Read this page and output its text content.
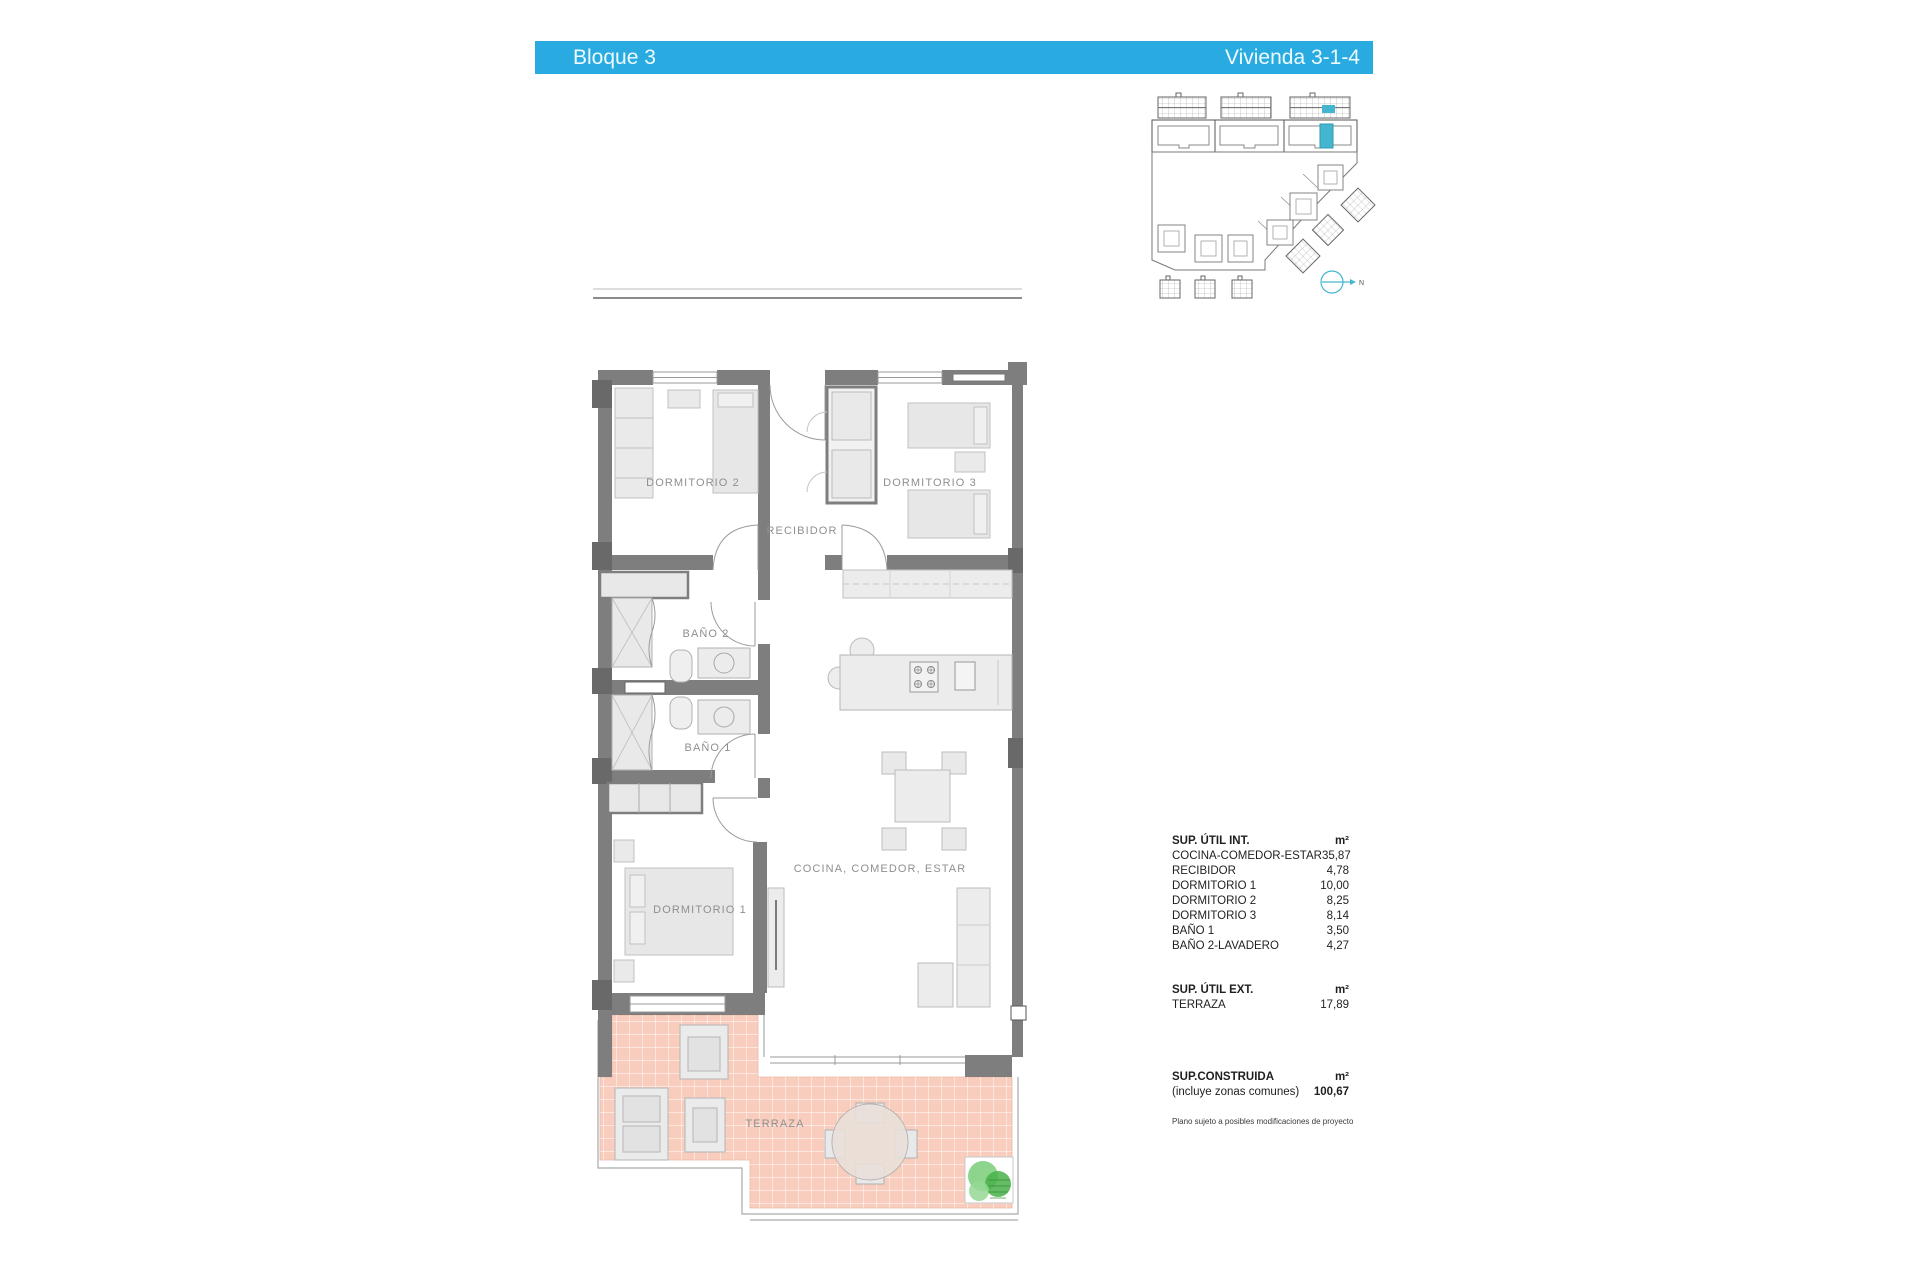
Bloque 3	Vivienda 3-1-4
N
TERRAZA
DORMITORIO 2	DORMITORIO 3
RECIBIDOR
BAÑO 2
BAÑO 1
DORMITORIO 1
COCINA, COMEDOR, ESTAR
SUP. ÚTIL INT.	m²
COCINA-COMEDOR-ESTAR 35,87
RECIBIDOR	4,78
DORMITORIO 1	10,00
DORMITORIO 2	8,25
DORMITORIO 3	8,14
BAÑO 1	3,50
BAÑO 2-LAVADERO	4,27
SUP. ÚTIL EXT.	m²
TERRAZA	17,89
SUP.CONSTRUIDA	m²
(incluye zonas comunes) 100,67
Plano sujeto a posibles modificaciones de proyecto
